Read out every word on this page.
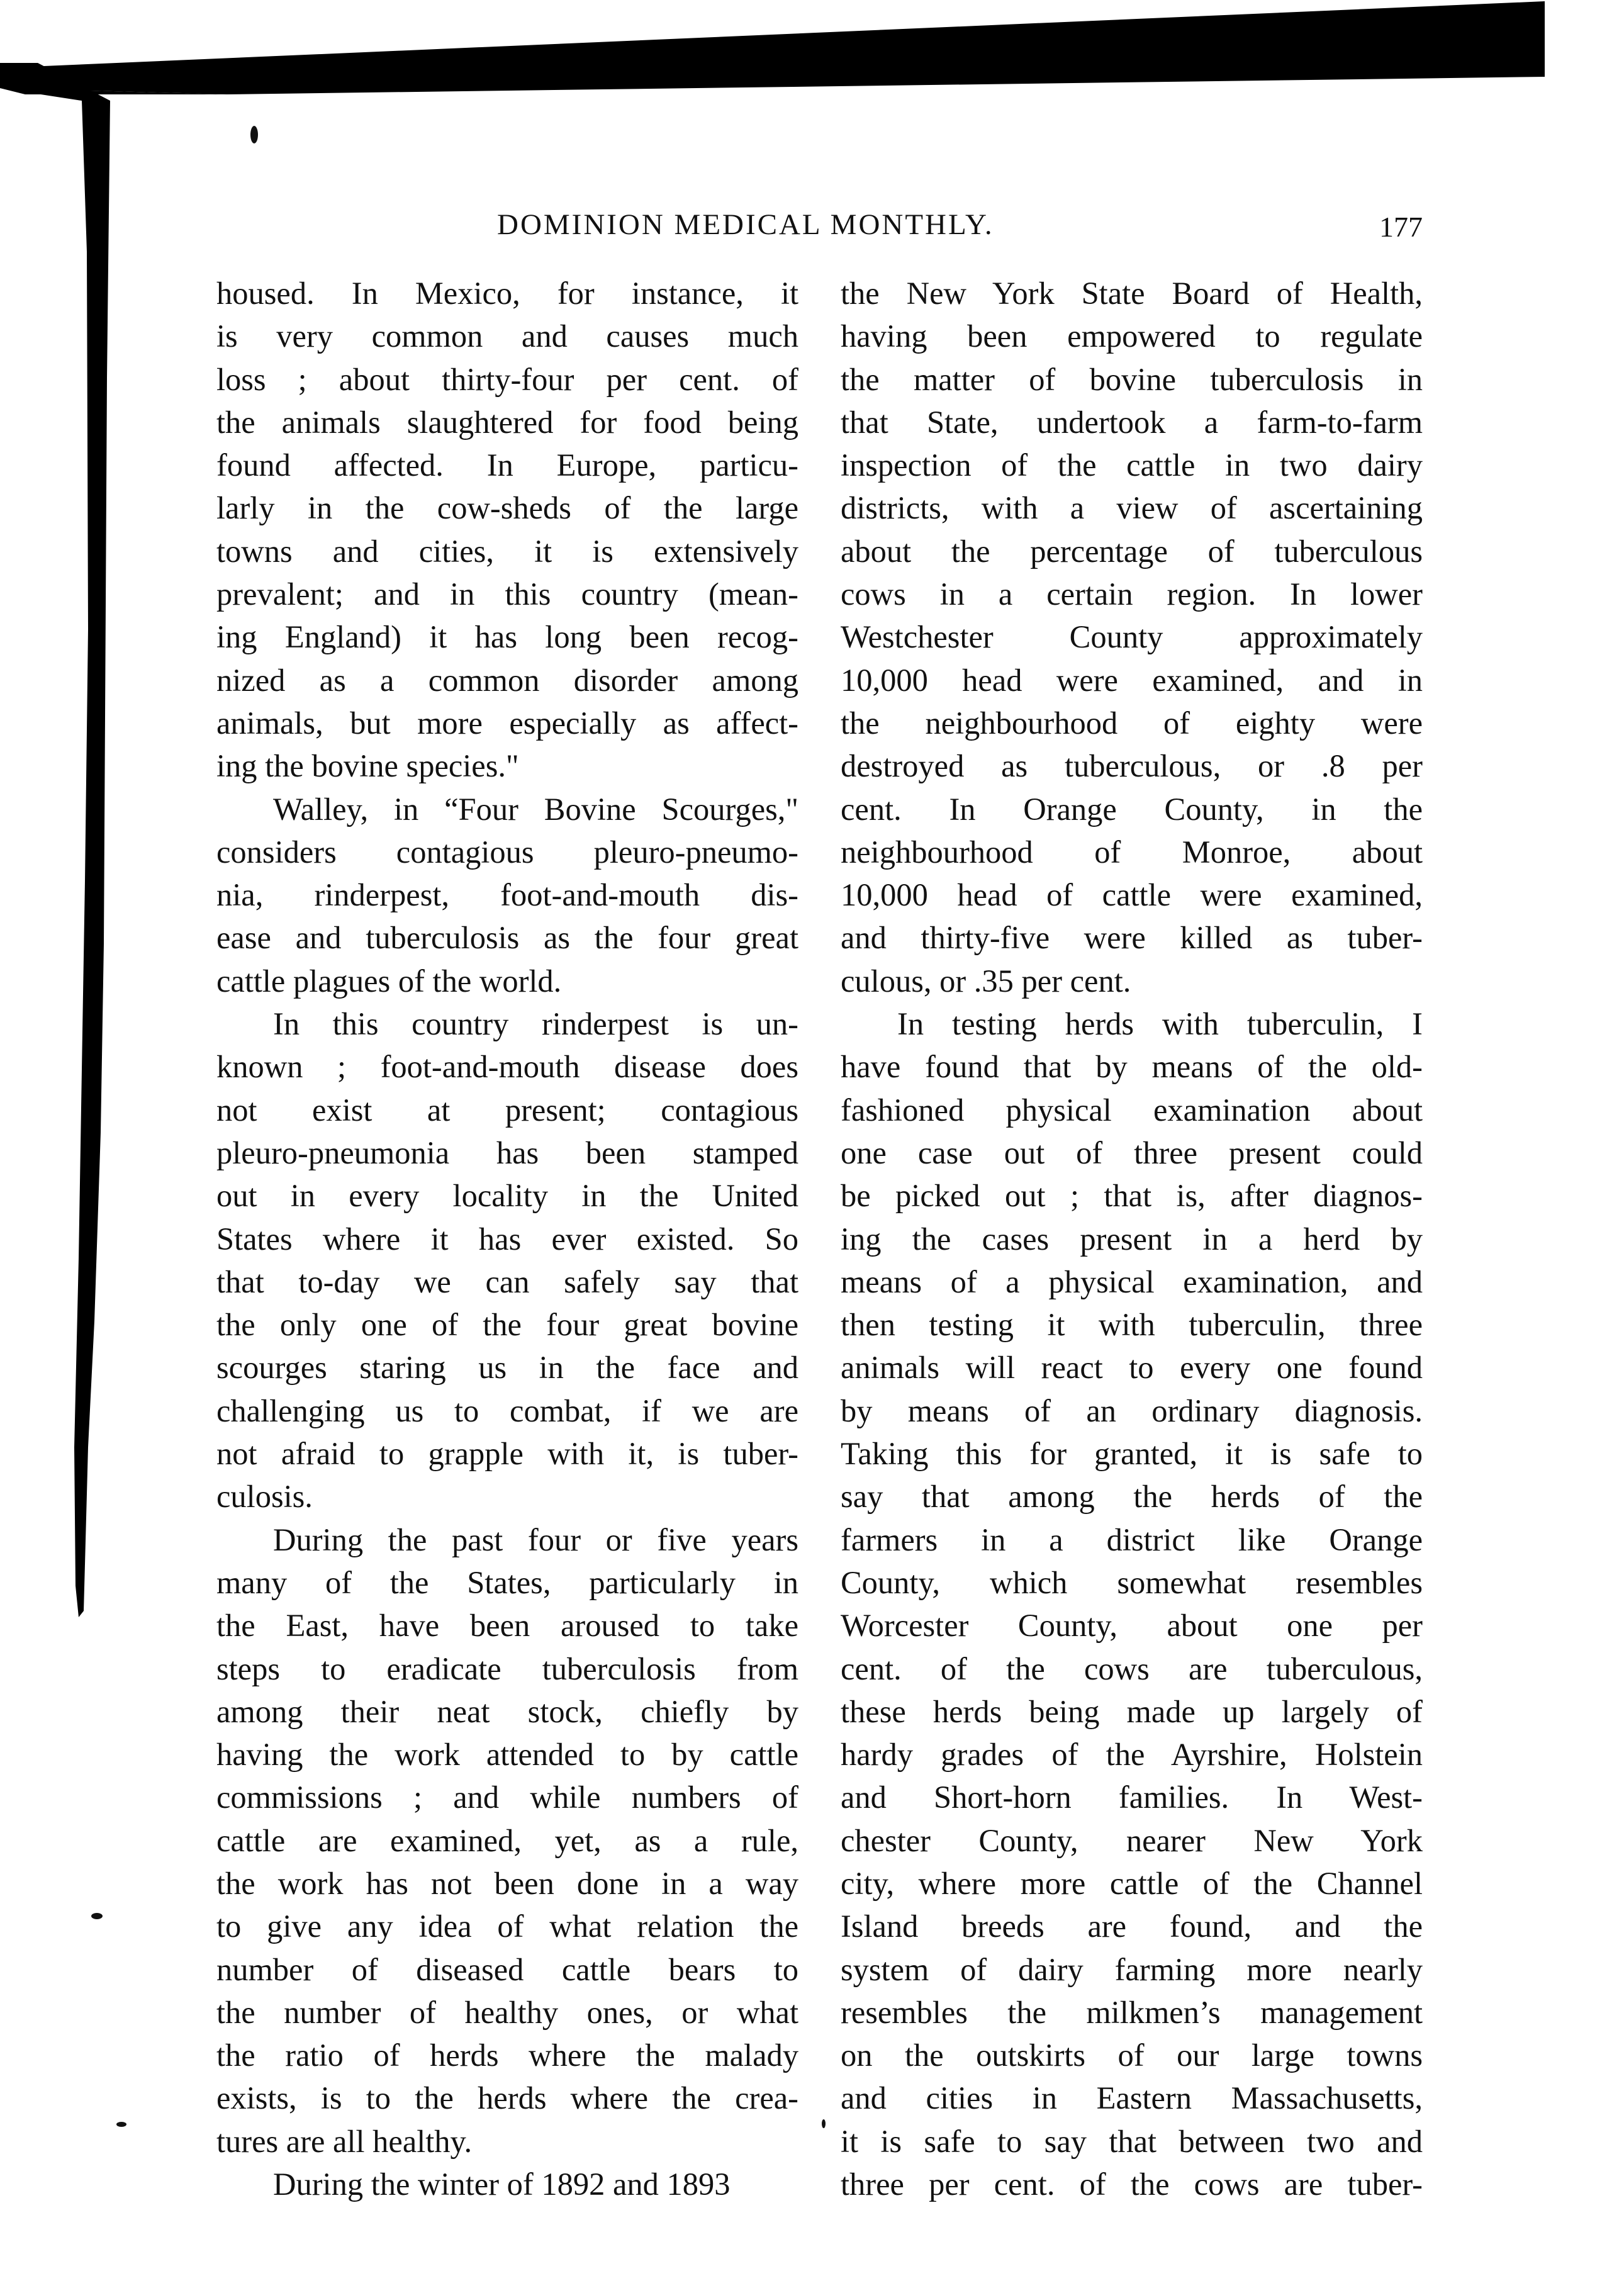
DOMINION MEDICAL MONTHLY.	177
housed. In Mexico, for instance, it
is very common and causes much
loss ; about thirty-four per cent. of
the animals slaughtered for food being
found affected. In Europe, particu-
larly in the cow-sheds of the large
towns and cities, it is extensively
prevalent; and in this country (mean-
ing England) it has long been recog-
nized as a common disorder among
animals, but more especially as affect-
ing the bovine species."
Walley, in “Four Bovine Scourges,"
considers contagious pleuro-pneumo-
nia, rinderpest, foot-and-mouth dis-
ease and tuberculosis as the four great
cattle plagues of the world.
In this country rinderpest is un-
known ; foot-and-mouth disease does
not exist at present; contagious
pleuro-pneumonia has been stamped
out in every locality in the United
States where it has ever existed. So
that to-day we can safely say that
the only one of the four great bovine
scourges staring us in the face and
challenging us to combat, if we are
not afraid to grapple with it, is tuber-
culosis.
During the past four or five years
many of the States, particularly in
the East, have been aroused to take
steps to eradicate tuberculosis from
among their neat stock, chiefly by
having the work attended to by cattle
commissions ; and while numbers of
cattle are examined, yet, as a rule,
the work has not been done in a way
to give any idea of what relation the
number of diseased cattle bears to
the number of healthy ones, or what
the ratio of herds where the malady
exists, is to the herds where the crea-
tures are all healthy.
During the winter of 1892 and 1893
the New York State Board of Health,
having been empowered to regulate
the matter of bovine tuberculosis in
that State, undertook a farm-to-farm
inspection of the cattle in two dairy
districts, with a view of ascertaining
about the percentage of tuberculous
cows in a certain region. In lower
Westchester County approximately
10,000 head were examined, and in
the neighbourhood of eighty were
destroyed as tuberculous, or .8 per
cent. In Orange County, in the
neighbourhood of Monroe, about
10,000 head of cattle were examined,
and thirty-five were killed as tuber-
culous, or .35 per cent.
In testing herds with tuberculin, I
have found that by means of the old-
fashioned physical examination about
one case out of three present could
be picked out ; that is, after diagnos-
ing the cases present in a herd by
means of a physical examination, and
then testing it with tuberculin, three
animals will react to every one found
by means of an ordinary diagnosis.
Taking this for granted, it is safe to
say that among the herds of the
farmers in a district like Orange
County, which somewhat resembles
Worcester County, about one per
cent. of the cows are tuberculous,
these herds being made up largely of
hardy grades of the Ayrshire, Holstein
and Short-horn families. In West-
chester County, nearer New York
city, where more cattle of the Channel
Island breeds are found, and the
system of dairy farming more nearly
resembles the milkmen’s management
on the outskirts of our large towns
and cities in Eastern Massachusetts,
it is safe to say that between two and
three per cent. of the cows are tuber-
